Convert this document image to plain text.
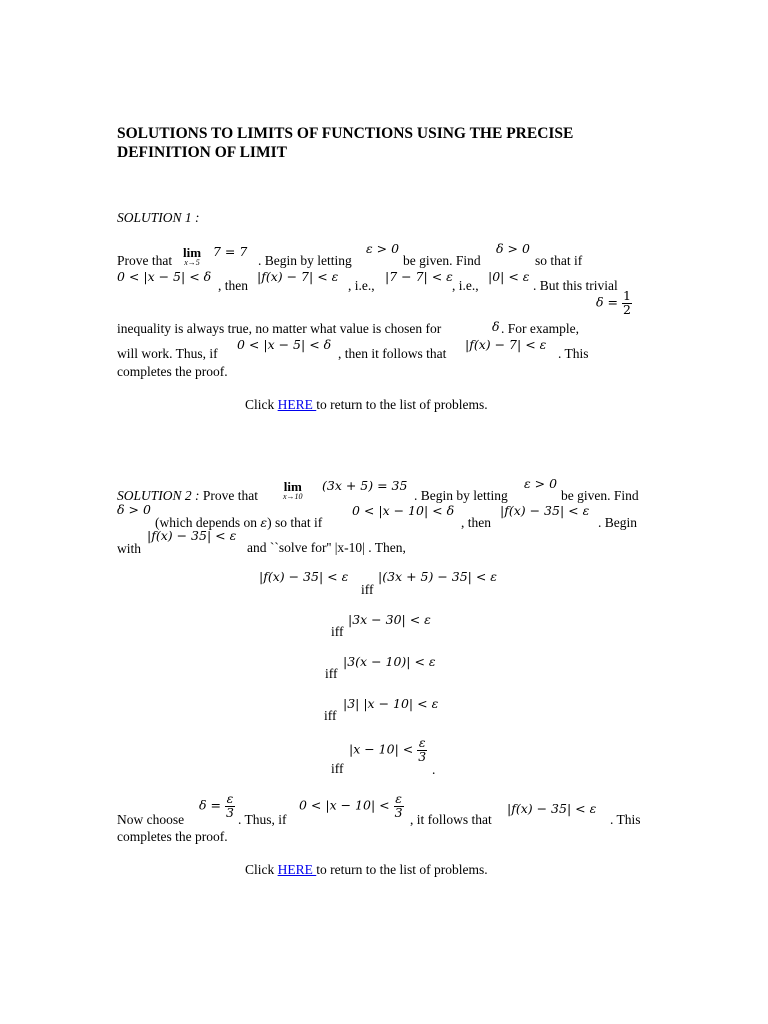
SOLUTIONS TO LIMITS OF FUNCTIONS USING THE PRECISE
DEFINITION OF LIMIT
SOLUTION 1 :
Prove that
lim
x→5
7 = 7
. Begin by letting
ε > 0
be given. Find
δ > 0
so that if
0 < |x − 5| < δ
, then
|f(x) − 7| < ε
, i.e.,
|7 − 7| < ε
, i.e.,
|0| < ε
. But this trivial
$\delta = \frac{1}{2}$
inequality is always true, no matter what value is chosen for	δ . For example,
will work. Thus, if
0 < |x − 5| < δ
, then it follows that
|f(x) − 7| < ε
. This
completes the proof.
Click HERE to return to the list of problems.
SOLUTION 2 : Prove that
lim
x→10
(3x + 5) = 35
. Begin by letting
ε > 0
be given. Find
δ > 0
(which depends on ε) so that if
0 < |x − 10| < δ
, then
|f(x) − 35| < ε
. Begin
with
|f(x) − 35| < ε
and ``solve for'' |x-10| . Then,
|f(x) − 35| < ε
iff
|(3x + 5) − 35| < ε
iff
|3x − 30| < ε
iff
|3(x − 10)| < ε
iff
|3| |x − 10| < ε
iff
$|x - 10| < \frac{\varepsilon}{3}$
.
$\delta = \frac{\varepsilon}{3}$	$0 < |x - 10| < \frac{\varepsilon}{3}$	|f(x) − 35| < ε
Now choose	. Thus, if	, it follows that	. This
completes the proof.
Click HERE to return to the list of problems.
